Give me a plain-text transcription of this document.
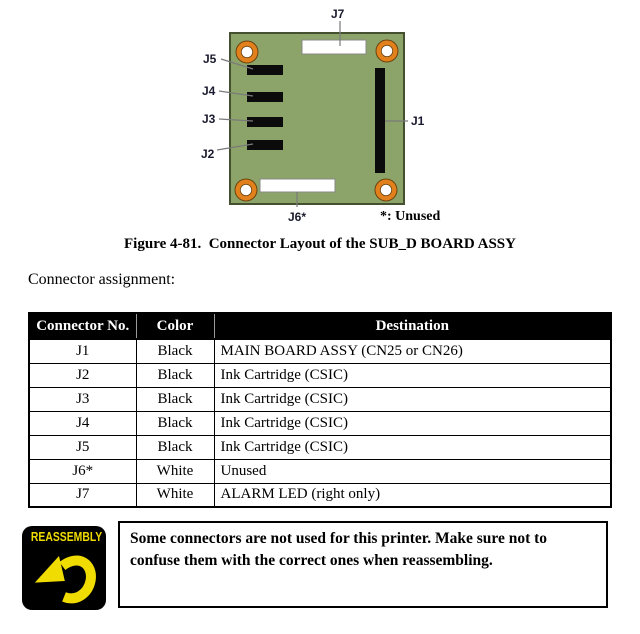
J7
J5
J4
J3
J2
J1
J6*	*: Unused
Figure 4-81.  Connector Layout of the SUB_D BOARD ASSY
Connector assignment:
Connector No.	Color	Destination
J1	Black	MAIN BOARD ASSY (CN25 or CN26)
J2	Black	Ink Cartridge (CSIC)
J3	Black	Ink Cartridge (CSIC)
J4	Black	Ink Cartridge (CSIC)
J5	Black	Ink Cartridge (CSIC)
J6*	White	Unused
J7	White	ALARM LED (right only)
REASSEMBLY Some connectors are not used for this printer. Make sure not to confuse them with the correct ones when reassembling.
